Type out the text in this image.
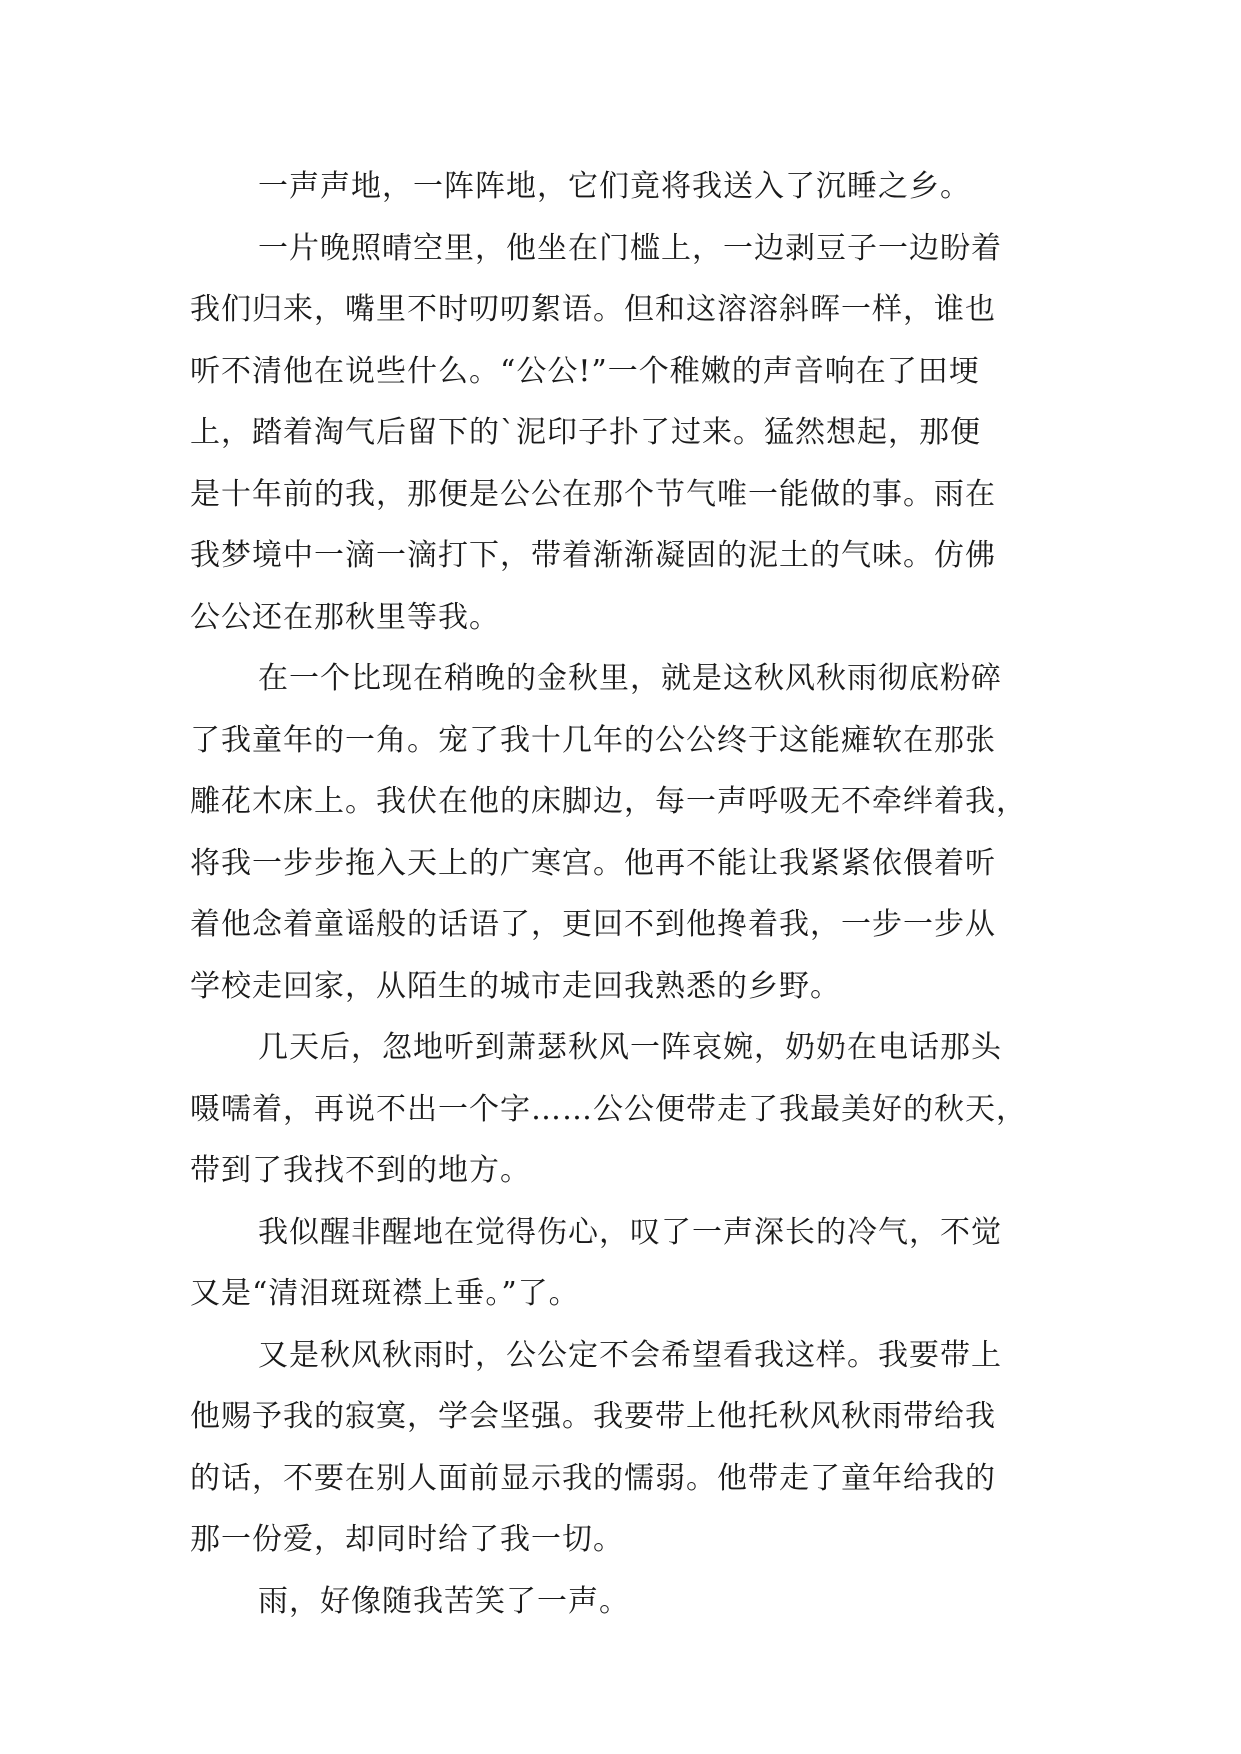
一声声地，一阵阵地，它们竟将我送入了沉睡之乡。
一片晚照晴空里，他坐在门槛上，一边剥豆子一边盼着
我们归来，嘴里不时叨叨絮语。但和这溶溶斜晖一样，谁也
听不清他在说些什么。“公公!”一个稚嫩的声音响在了田埂
上，踏着淘气后留下的`泥印子扑了过来。猛然想起，那便
是十年前的我，那便是公公在那个节气唯一能做的事。雨在
我梦境中一滴一滴打下，带着渐渐凝固的泥土的气味。仿佛
公公还在那秋里等我。
在一个比现在稍晚的金秋里，就是这秋风秋雨彻底粉碎
了我童年的一角。宠了我十几年的公公终于这能瘫软在那张
雕花木床上。我伏在他的床脚边，每一声呼吸无不牵绊着我，
将我一步步拖入天上的广寒宫。他再不能让我紧紧依偎着听
着他念着童谣般的话语了，更回不到他搀着我，一步一步从
学校走回家，从陌生的城市走回我熟悉的乡野。
几天后，忽地听到萧瑟秋风一阵哀婉，奶奶在电话那头
嗫嚅着，再说不出一个字……公公便带走了我最美好的秋天，
带到了我找不到的地方。
我似醒非醒地在觉得伤心，叹了一声深长的冷气，不觉
又是“清泪斑斑襟上垂。”了。
又是秋风秋雨时，公公定不会希望看我这样。我要带上
他赐予我的寂寞，学会坚强。我要带上他托秋风秋雨带给我
的话，不要在别人面前显示我的懦弱。他带走了童年给我的
那一份爱，却同时给了我一切。
雨，好像随我苦笑了一声。
